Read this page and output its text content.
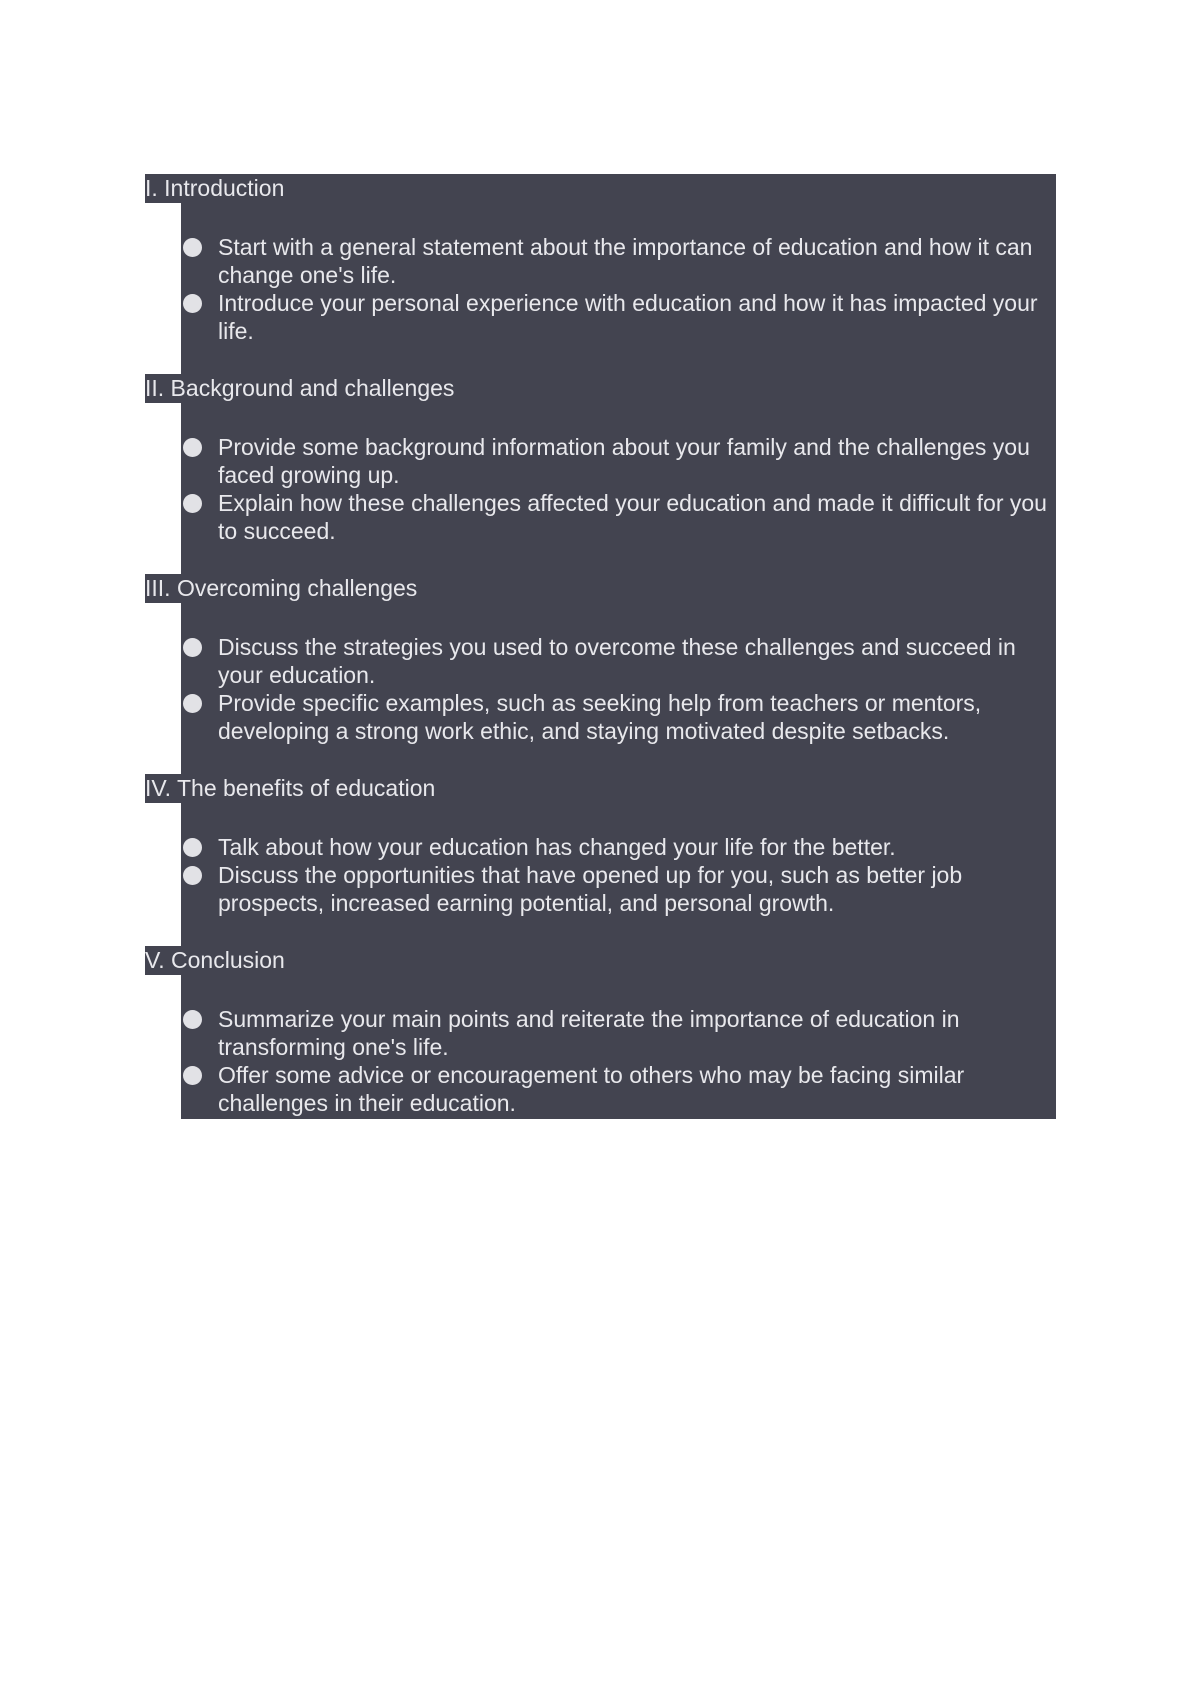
I. Introduction
Start with a general statement about the importance of education and how it can change one's life.
Introduce your personal experience with education and how it has impacted your life.
II. Background and challenges
Provide some background information about your family and the challenges you faced growing up.
Explain how these challenges affected your education and made it difficult for you to succeed.
III. Overcoming challenges
Discuss the strategies you used to overcome these challenges and succeed in your education.
Provide specific examples, such as seeking help from teachers or mentors, developing a strong work ethic, and staying motivated despite setbacks.
IV. The benefits of education
Talk about how your education has changed your life for the better.
Discuss the opportunities that have opened up for you, such as better job prospects, increased earning potential, and personal growth.
V. Conclusion
Summarize your main points and reiterate the importance of education in transforming one's life.
Offer some advice or encouragement to others who may be facing similar challenges in their education.
